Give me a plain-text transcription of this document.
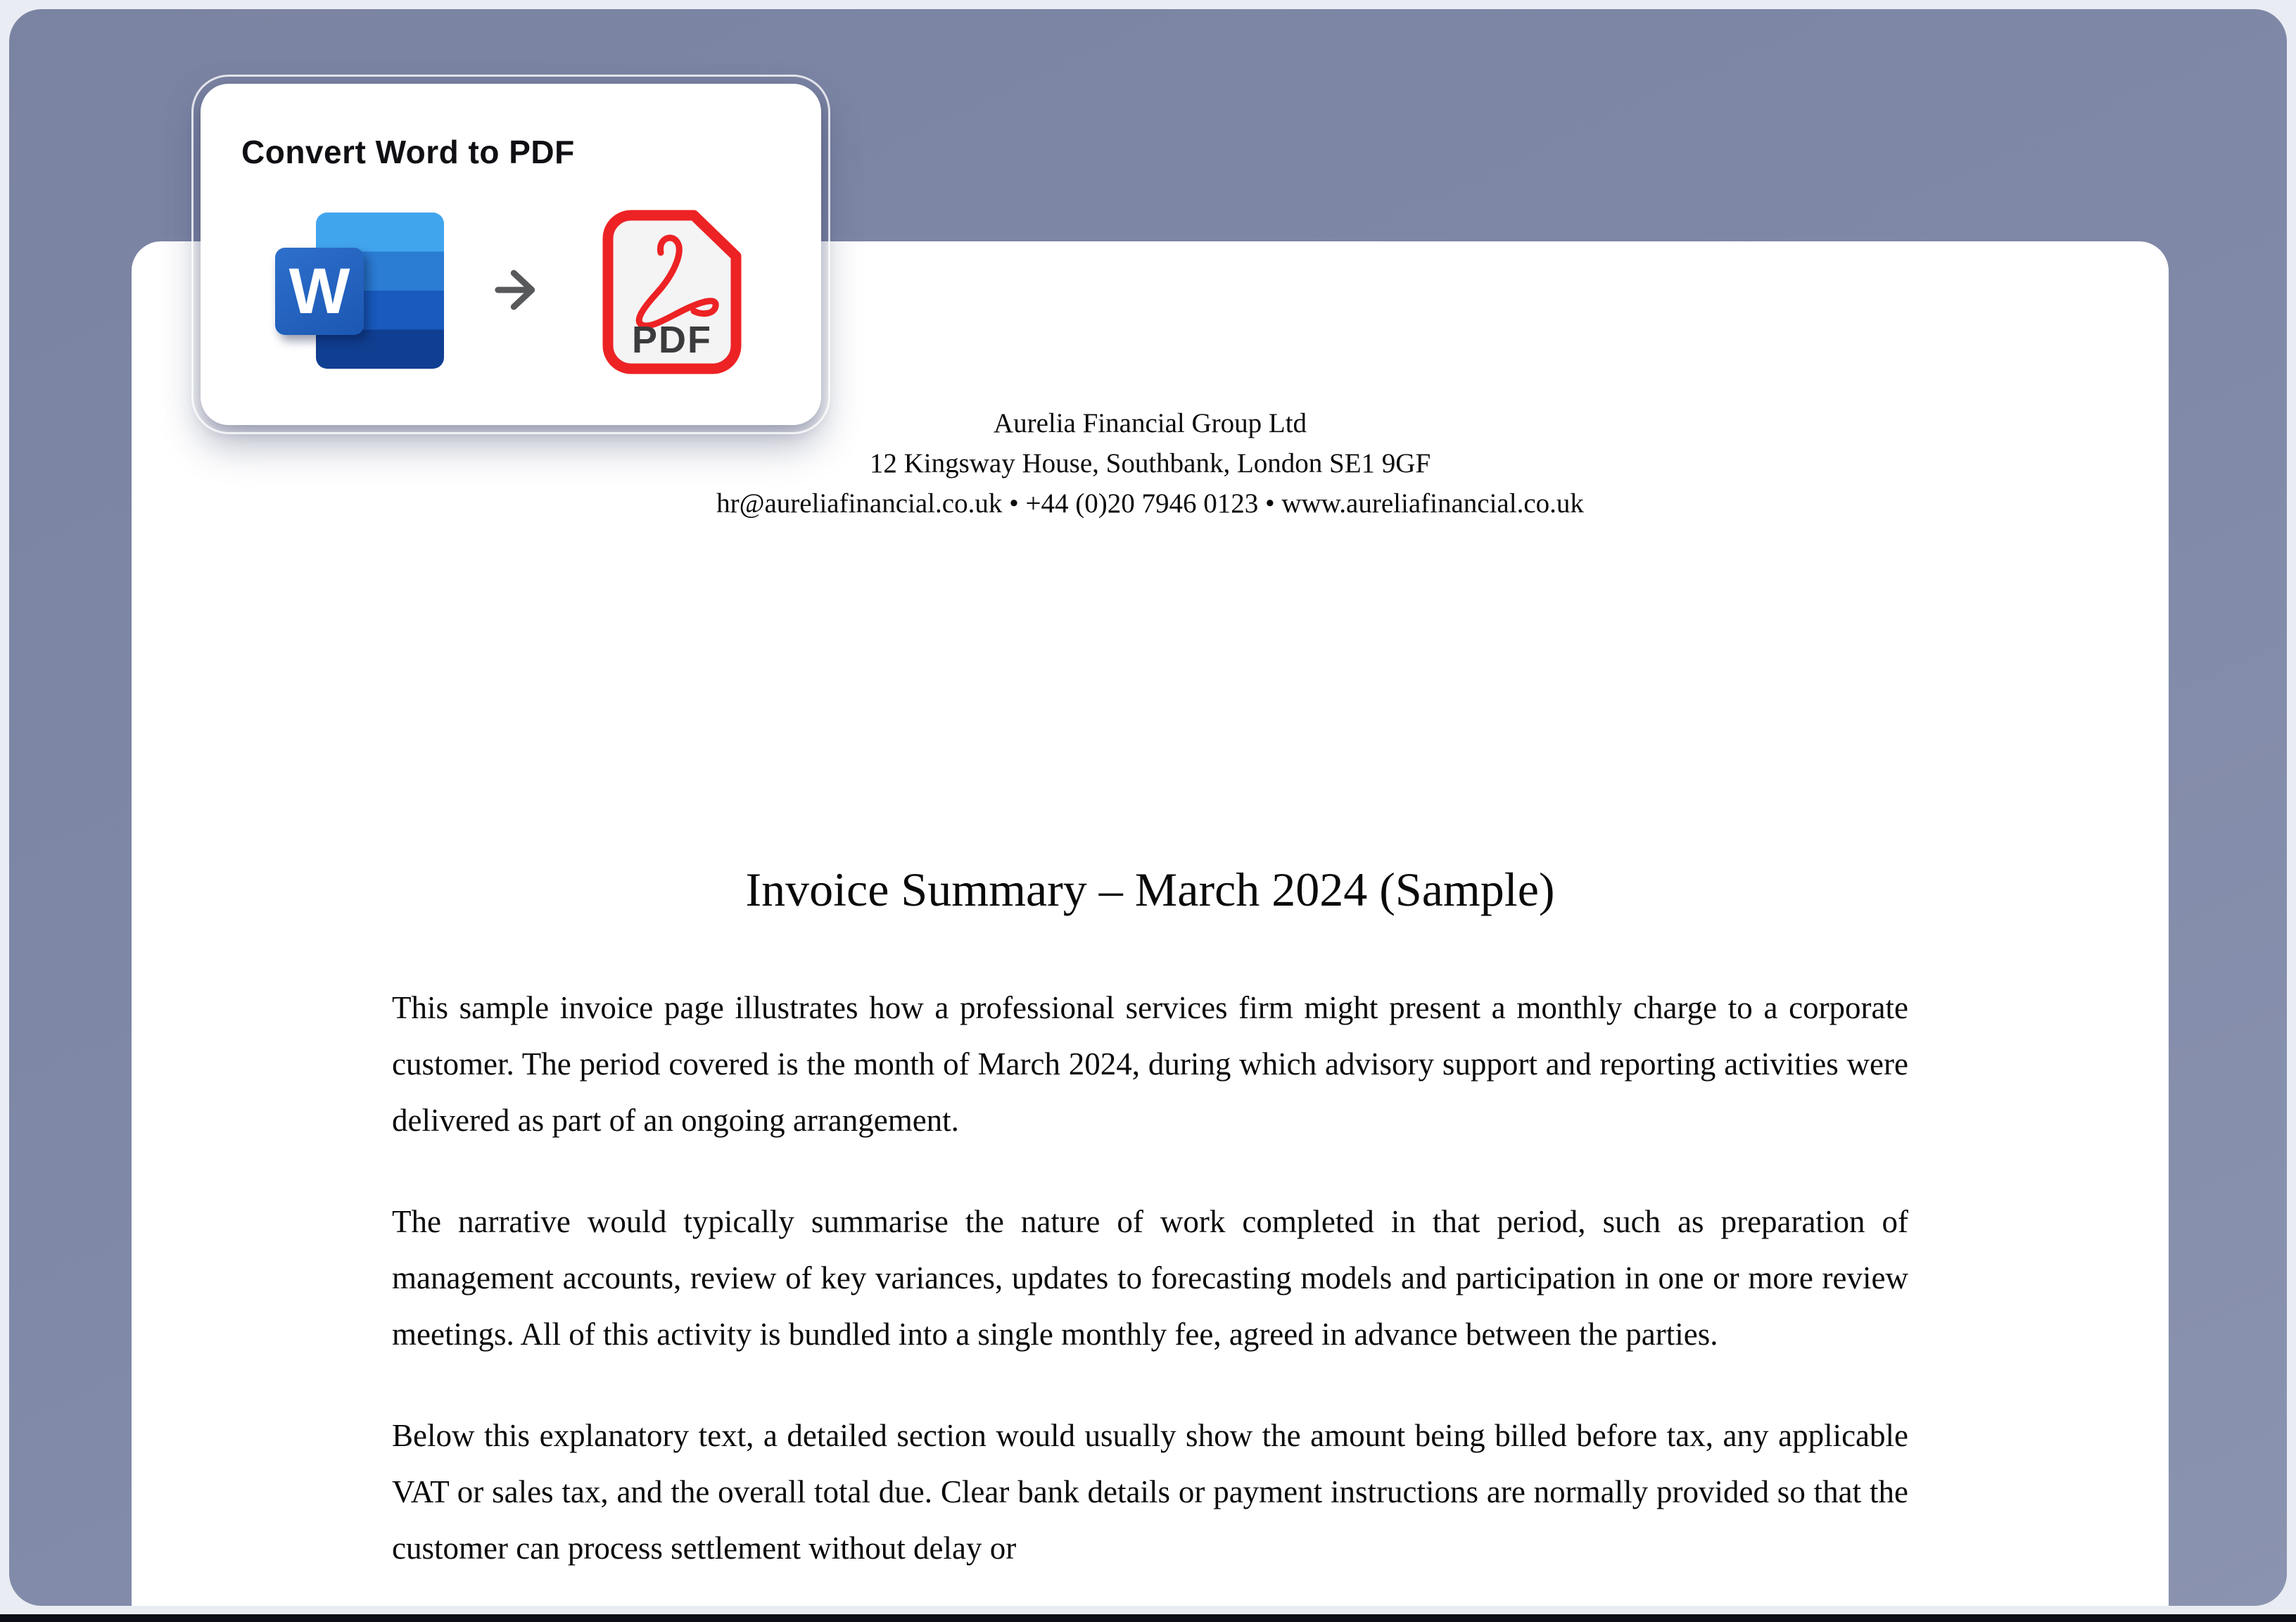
Aurelia Financial Group Ltd
12 Kingsway House, Southbank, London SE1 9GF
hr@aureliafinancial.co.uk • +44 (0)20 7946 0123 • www.aureliafinancial.co.uk
Invoice Summary – March 2024 (Sample)

This sample invoice page illustrates how a professional services firm might present a monthly charge to a corporate customer. The period covered is the month of March 2024, during which advisory support and reporting activities were delivered as part of an ongoing arrangement.

The narrative would typically summarise the nature of work completed in that period, such as preparation of management accounts, review of key variances, updates to forecasting models and participation in one or more review meetings. All of this activity is bundled into a single monthly fee, agreed in advance between the parties.

Below this explanatory text, a detailed section would usually show the amount being billed before tax, any applicable VAT or sales tax, and the overall total due. Clear bank details or payment instructions are normally provided so that the customer can process settlement without delay or

Convert Word to PDF
W
PDF
